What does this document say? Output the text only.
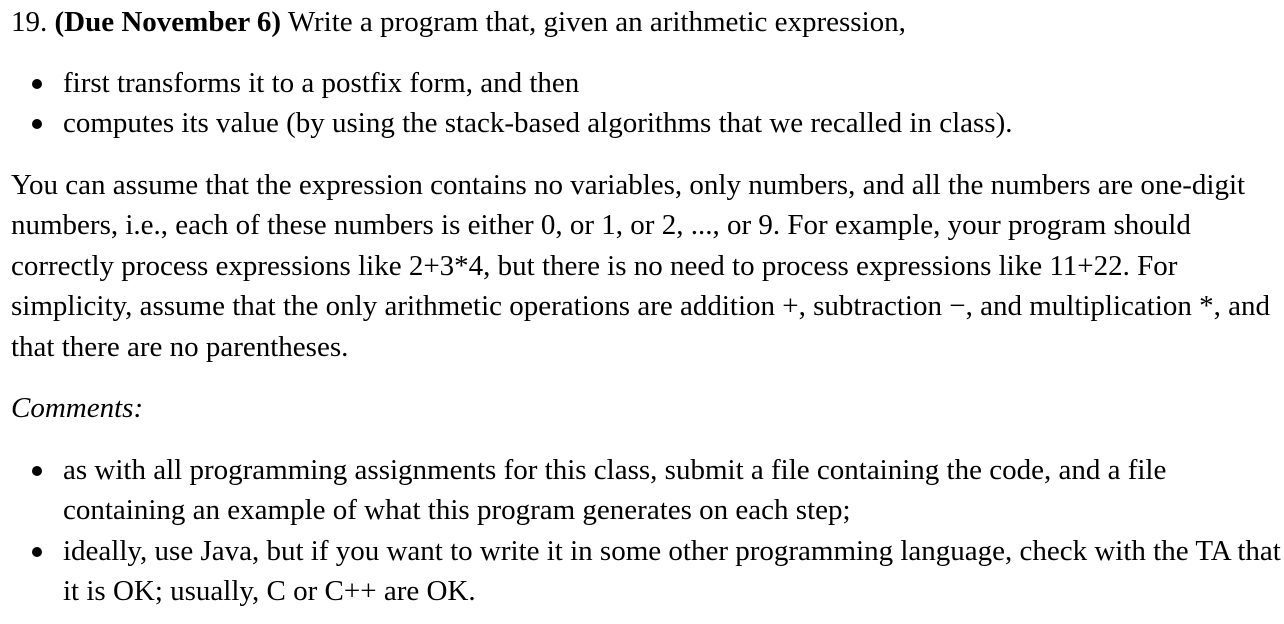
19. (Due November 6) Write a program that, given an arithmetic expression,

first transforms it to a postfix form, and then
computes its value (by using the stack-based algorithms that we recalled in class).

You can assume that the expression contains no variables, only numbers, and all the numbers are one-digit numbers, i.e., each of these numbers is either 0, or 1, or 2, ..., or 9. For example, your program should correctly process expressions like 2+3*4, but there is no need to process expressions like 11+22. For simplicity, assume that the only arithmetic operations are addition +, subtraction −, and multiplication *, and that there are no parentheses.

Comments:

as with all programming assignments for this class, submit a file containing the code, and a file containing an example of what this program generates on each step;
ideally, use Java, but if you want to write it in some other programming language, check with the TA that it is OK; usually, C or C++ are OK.
